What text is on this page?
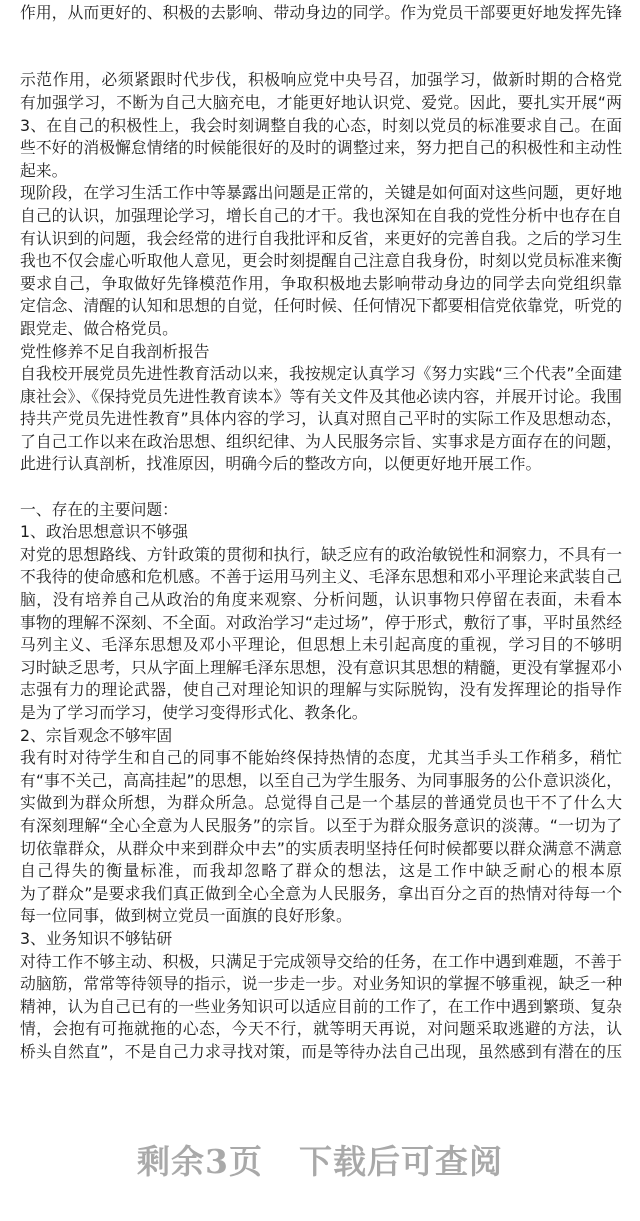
作用，从而更好的、积极的去影响、带动身边的同学。作为党员干部要更好地发挥先锋
示范作用，必须紧跟时代步伐，积极响应党中央号召，加强学习，做新时期的合格党
有加强学习，不断为自己大脑充电，才能更好地认识党、爱党。因此，要扎实开展“两
3、在自己的积极性上，我会时刻调整自我的心态，时刻以党员的标准要求自己。在面
些不好的消极懈怠情绪的时候能很好的及时的调整过来，努力把自己的积极性和主动性
起来。
现阶段，在学习生活工作中等暴露出问题是正常的，关键是如何面对这些问题，更好地
自己的认识，加强理论学习，增长自己的才干。我也深知在自我的党性分析中也存在自
有认识到的问题，我会经常的进行自我批评和反省，来更好的完善自我。之后的学习生
我也不仅会虚心听取他人意见，更会时刻提醒自己注意自我身份，时刻以党员标准来衡
要求自己，争取做好先锋模范作用，争取积极地去影响带动身边的同学去向党组织靠
定信念、清醒的认知和思想的自觉，任何时候、任何情况下都要相信党依靠党，听党的
跟党走、做合格党员。
党性修养不足自我剖析报告
自我校开展党员先进性教育活动以来，我按规定认真学习《努力实践“三个代表”全面建
康社会》、《保持党员先进性教育读本》等有关文件及其他必读内容，并展开讨论。我围
持共产党员先进性教育”具体内容的学习，认真对照自己平时的实际工作及思想动态，
了自己工作以来在政治思想、组织纪律、为人民服务宗旨、实事求是方面存在的问题，
此进行认真剖析，找准原因，明确今后的整改方向，以便更好地开展工作。
一、存在的主要问题：
1、政治思想意识不够强
对党的思想路线、方针政策的贯彻和执行，缺乏应有的政治敏锐性和洞察力，不具有一
不我待的使命感和危机感。不善于运用马列主义、毛泽东思想和邓小平理论来武装自己
脑，没有培养自己从政治的角度来观察、分析问题，认识事物只停留在表面，未看本
事物的理解不深刻、不全面。对政治学习“走过场”，停于形式，敷衍了事，平时虽然经
马列主义、毛泽东思想及邓小平理论，但思想上未引起高度的重视，学习目的不够明
习时缺乏思考，只从字面上理解毛泽东思想，没有意识其思想的精髓，更没有掌握邓小
志强有力的理论武器，使自己对理论知识的理解与实际脱钩，没有发挥理论的指导作
是为了学习而学习，使学习变得形式化、教条化。
2、宗旨观念不够牢固
我有时对待学生和自己的同事不能始终保持热情的态度，尤其当手头工作稍多，稍忙
有“事不关己，高高挂起”的思想，以至自己为学生服务、为同事服务的公仆意识淡化，
实做到为群众所想，为群众所急。总觉得自己是一个基层的普通党员也干不了什么大
有深刻理解“全心全意为人民服务”的宗旨。以至于为群众服务意识的淡薄。“一切为了
切依靠群众，从群众中来到群众中去”的实质表明坚持任何时候都要以群众满意不满意
自己得失的衡量标准，而我却忽略了群众的想法，这是工作中缺乏耐心的根本原
为了群众”是要求我们真正做到全心全意为人民服务，拿出百分之百的热情对待每一个
每一位同事，做到树立党员一面旗的良好形象。
3、业务知识不够钻研
对待工作不够主动、积极，只满足于完成领导交给的任务，在工作中遇到难题，不善于
动脑筋，常常等待领导的指示，说一步走一步。对业务知识的掌握不够重视，缺乏一种
精神，认为自己已有的一些业务知识可以适应目前的工作了，在工作中遇到繁琐、复杂
情，会抱有可拖就拖的心态，今天不行，就等明天再说，对问题采取逃避的方法，认
桥头自然直”，不是自己力求寻找对策，而是等待办法自己出现，虽然感到有潜在的压
剩余3页 下载后可查阅
